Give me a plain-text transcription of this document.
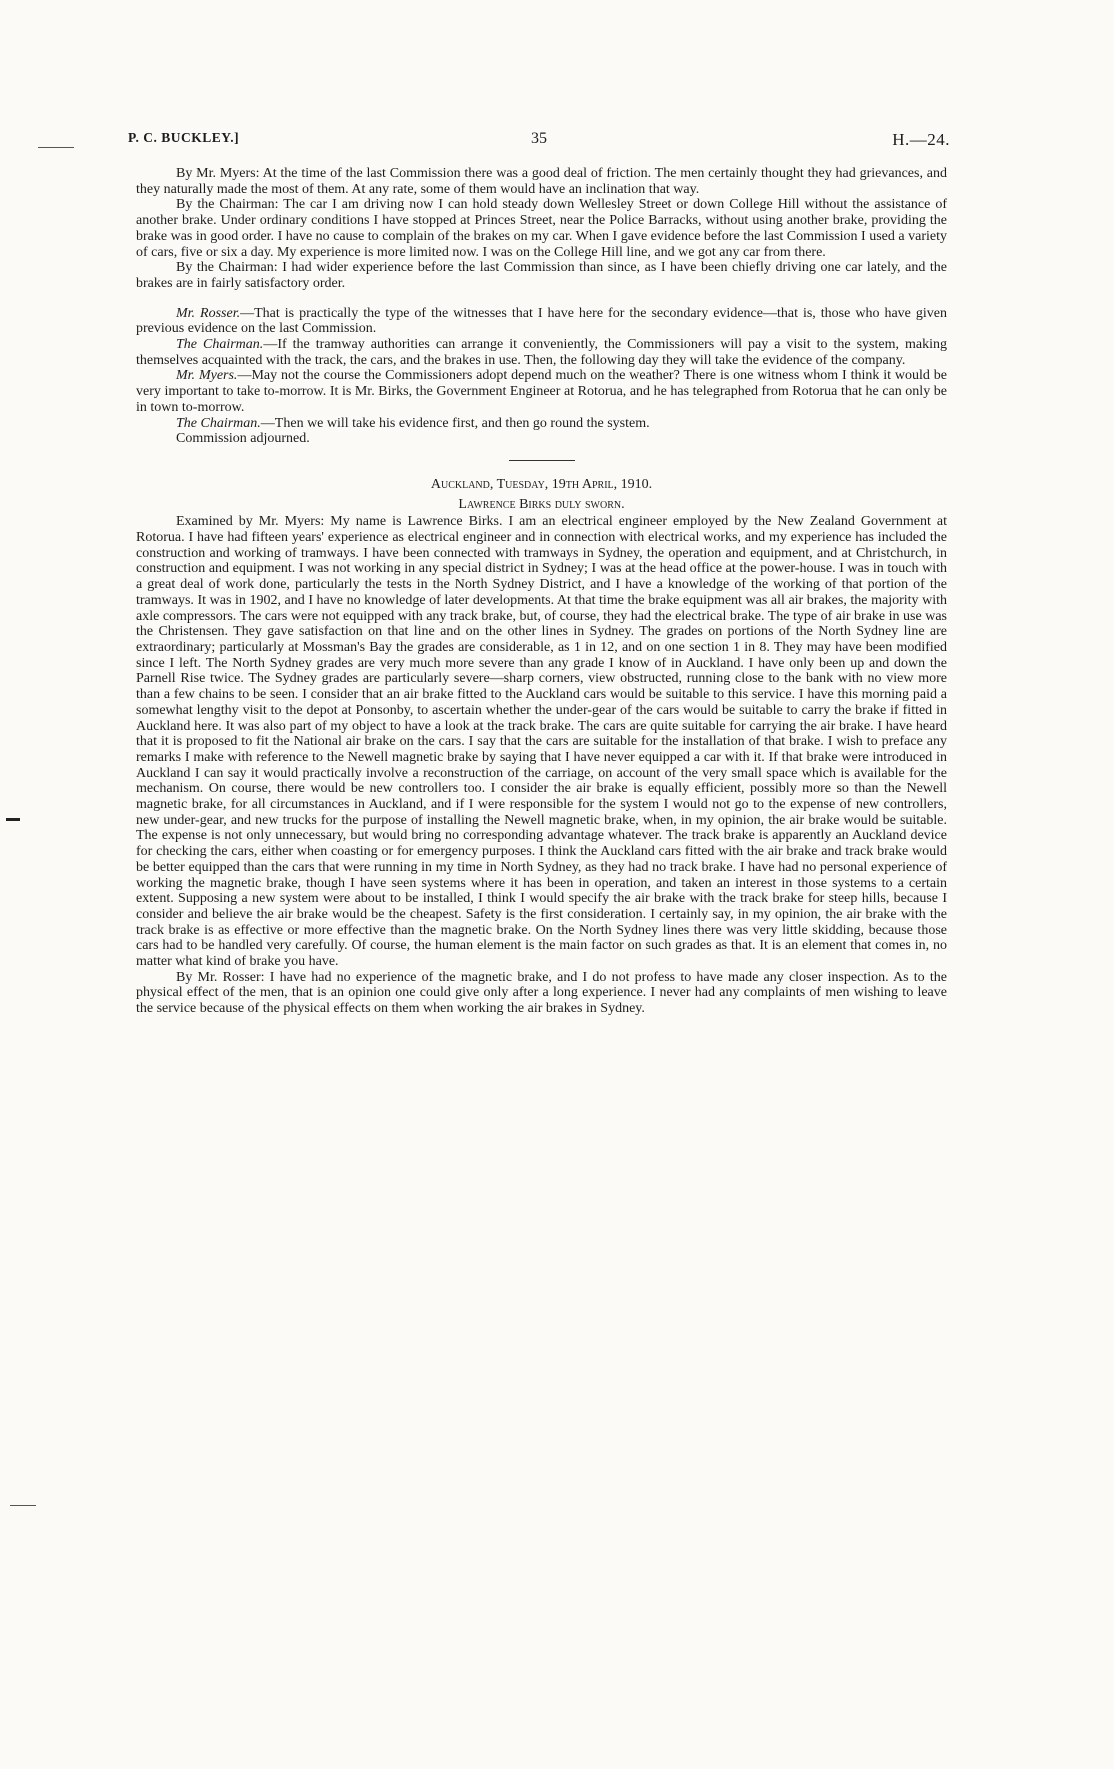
P. C. BUCKLEY.]	35	H.—24.

By Mr. Myers: At the time of the last Commission there was a good deal of friction. The men certainly thought they had grievances, and they naturally made the most of them. At any rate, some of them would have an inclination that way.

By the Chairman: The car I am driving now I can hold steady down Wellesley Street or down College Hill without the assistance of another brake. Under ordinary conditions I have stopped at Princes Street, near the Police Barracks, without using another brake, providing the brake was in good order. I have no cause to complain of the brakes on my car. When I gave evidence before the last Commission I used a variety of cars, five or six a day. My experience is more limited now. I was on the College Hill line, and we got any car from there.

By the Chairman: I had wider experience before the last Commission than since, as I have been chiefly driving one car lately, and the brakes are in fairly satisfactory order.

Mr. Rosser.—That is practically the type of the witnesses that I have here for the secondary evidence—that is, those who have given previous evidence on the last Commission.

The Chairman.—If the tramway authorities can arrange it conveniently, the Commissioners will pay a visit to the system, making themselves acquainted with the track, the cars, and the brakes in use. Then, the following day they will take the evidence of the company.

Mr. Myers.—May not the course the Commissioners adopt depend much on the weather? There is one witness whom I think it would be very important to take to-morrow. It is Mr. Birks, the Government Engineer at Rotorua, and he has telegraphed from Rotorua that he can only be in town to-morrow.

The Chairman.—Then we will take his evidence first, and then go round the system.

Commission adjourned.

Auckland, Tuesday, 19th April, 1910.

Lawrence Birks duly sworn.

Examined by Mr. Myers: My name is Lawrence Birks. I am an electrical engineer employed by the New Zealand Government at Rotorua. I have had fifteen years' experience as electrical engineer and in connection with electrical works, and my experience has included the construction and working of tramways. I have been connected with tramways in Sydney, the operation and equipment, and at Christchurch, in construction and equipment. I was not working in any special district in Sydney; I was at the head office at the power-house. I was in touch with a great deal of work done, particularly the tests in the North Sydney District, and I have a knowledge of the working of that portion of the tramways. It was in 1902, and I have no knowledge of later developments. At that time the brake equipment was all air brakes, the majority with axle compressors. The cars were not equipped with any track brake, but, of course, they had the electrical brake. The type of air brake in use was the Christensen. They gave satisfaction on that line and on the other lines in Sydney. The grades on portions of the North Sydney line are extraordinary; particularly at Mossman's Bay the grades are considerable, as 1 in 12, and on one section 1 in 8. They may have been modified since I left. The North Sydney grades are very much more severe than any grade I know of in Auckland. I have only been up and down the Parnell Rise twice. The Sydney grades are particularly severe—sharp corners, view obstructed, running close to the bank with no view more than a few chains to be seen. I consider that an air brake fitted to the Auckland cars would be suitable to this service. I have this morning paid a somewhat lengthy visit to the depot at Ponsonby, to ascertain whether the under-gear of the cars would be suitable to carry the brake if fitted in Auckland here. It was also part of my object to have a look at the track brake. The cars are quite suitable for carrying the air brake. I have heard that it is proposed to fit the National air brake on the cars. I say that the cars are suitable for the installation of that brake. I wish to preface any remarks I make with reference to the Newell magnetic brake by saying that I have never equipped a car with it. If that brake were introduced in Auckland I can say it would practically involve a reconstruction of the carriage, on account of the very small space which is available for the mechanism. On course, there would be new controllers too. I consider the air brake is equally efficient, possibly more so than the Newell magnetic brake, for all circumstances in Auckland, and if I were responsible for the system I would not go to the expense of new controllers, new under-gear, and new trucks for the purpose of installing the Newell magnetic brake, when, in my opinion, the air brake would be suitable. The expense is not only unnecessary, but would bring no corresponding advantage whatever. The track brake is apparently an Auckland device for checking the cars, either when coasting or for emergency purposes. I think the Auckland cars fitted with the air brake and track brake would be better equipped than the cars that were running in my time in North Sydney, as they had no track brake. I have had no personal experience of working the magnetic brake, though I have seen systems where it has been in operation, and taken an interest in those systems to a certain extent. Supposing a new system were about to be installed, I think I would specify the air brake with the track brake for steep hills, because I consider and believe the air brake would be the cheapest. Safety is the first consideration. I certainly say, in my opinion, the air brake with the track brake is as effective or more effective than the magnetic brake. On the North Sydney lines there was very little skidding, because those cars had to be handled very carefully. Of course, the human element is the main factor on such grades as that. It is an element that comes in, no matter what kind of brake you have.

By Mr. Rosser: I have had no experience of the magnetic brake, and I do not profess to have made any closer inspection. As to the physical effect of the men, that is an opinion one could give only after a long experience. I never had any complaints of men wishing to leave the service because of the physical effects on them when working the air brakes in Sydney.
